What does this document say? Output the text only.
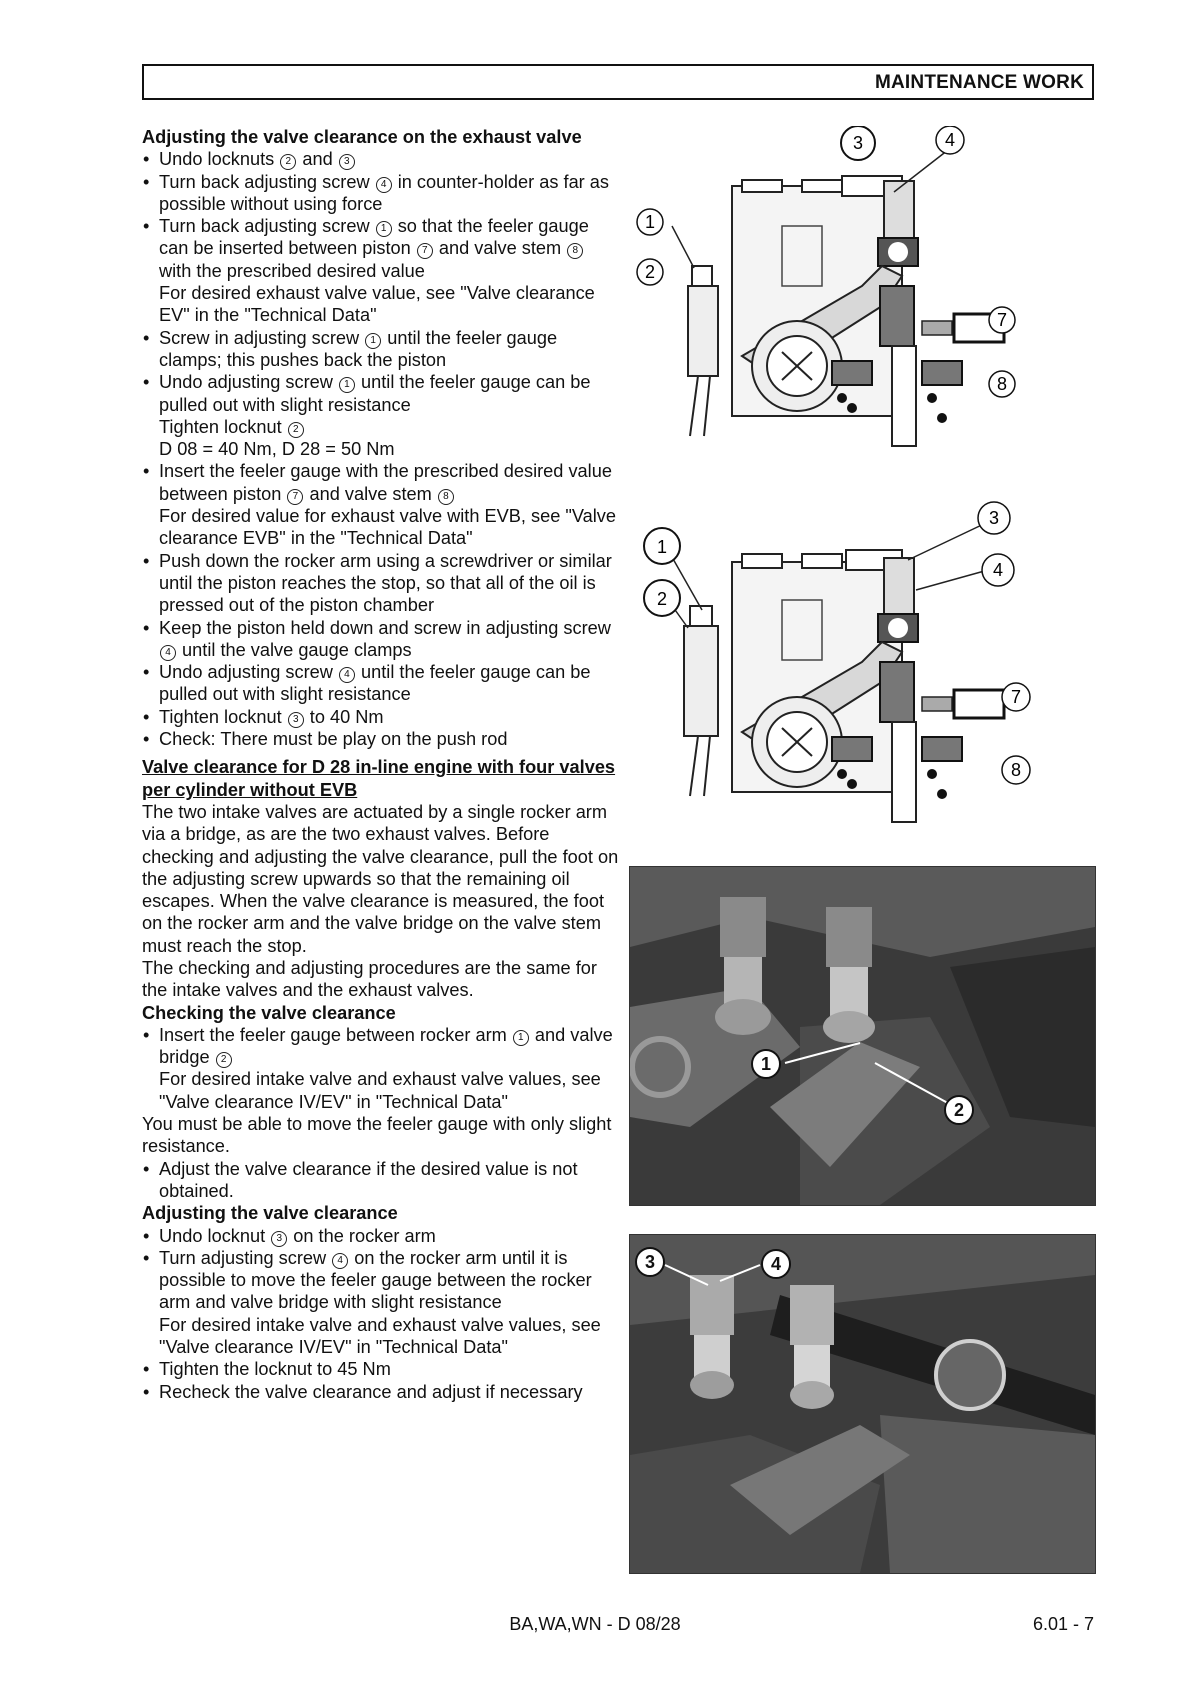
MAINTENANCE WORK

Adjusting the valve clearance on the exhaust valve

• Undo locknuts 2 and 3
• Turn back adjusting screw 4 in counter-holder as far as possible without using force
• Turn back adjusting screw 1 so that the feeler gauge can be inserted between piston 7 and valve stem 8 with the prescribed desired value
For desired exhaust valve value, see "Valve clearance EV" in the "Technical Data"
• Screw in adjusting screw 1 until the feeler gauge clamps; this pushes back the piston
• Undo adjusting screw 1 until the feeler gauge can be pulled out with slight resistance
Tighten locknut 2
D 08 = 40 Nm, D 28 = 50 Nm
• Insert the feeler gauge with the prescribed desired value between piston 7 and valve stem 8
For desired value for exhaust valve with EVB, see "Valve clearance EVB" in the "Technical Data"
• Push down the rocker arm using a screwdriver or similar until the piston reaches the stop, so that all of the oil is pressed out of the piston chamber
• Keep the piston held down and screw in adjusting screw 4 until the valve gauge clamps
• Undo adjusting screw 4 until the feeler gauge can be pulled out with slight resistance
• Tighten locknut 3 to 40 Nm
• Check: There must be play on the push rod

Valve clearance for D 28 in-line engine with four valves per cylinder without EVB

The two intake valves are actuated by a single rocker arm via a bridge, as are the two exhaust valves. Before checking and adjusting the valve clearance, pull the foot on the adjusting screw upwards so that the remaining oil escapes. When the valve clearance is measured, the foot on the rocker arm and the valve bridge on the valve stem must reach the stop.

The checking and adjusting procedures are the same for the intake valves and the exhaust valves.

Checking the valve clearance

• Insert the feeler gauge between rocker arm 1 and valve bridge 2
For desired intake valve and exhaust valve values, see "Valve clearance IV/EV" in "Technical Data"

You must be able to move the feeler gauge with only slight resistance.

• Adjust the valve clearance if the desired value is not obtained.

Adjusting the valve clearance

• Undo locknut 3 on the rocker arm
• Turn adjusting screw 4 on the rocker arm until it is possible to move the feeler gauge between the rocker arm and valve bridge with slight resistance
For desired intake valve and exhaust valve values, see "Valve clearance IV/EV" in "Technical Data"
• Tighten the locknut to 45 Nm
• Recheck the valve clearance and adjust if necessary
3	4
1
2
7
8
1
2
3
4
7
8
1
2
3	4
BA,WA,WN - D 08/28	6.01 - 7
